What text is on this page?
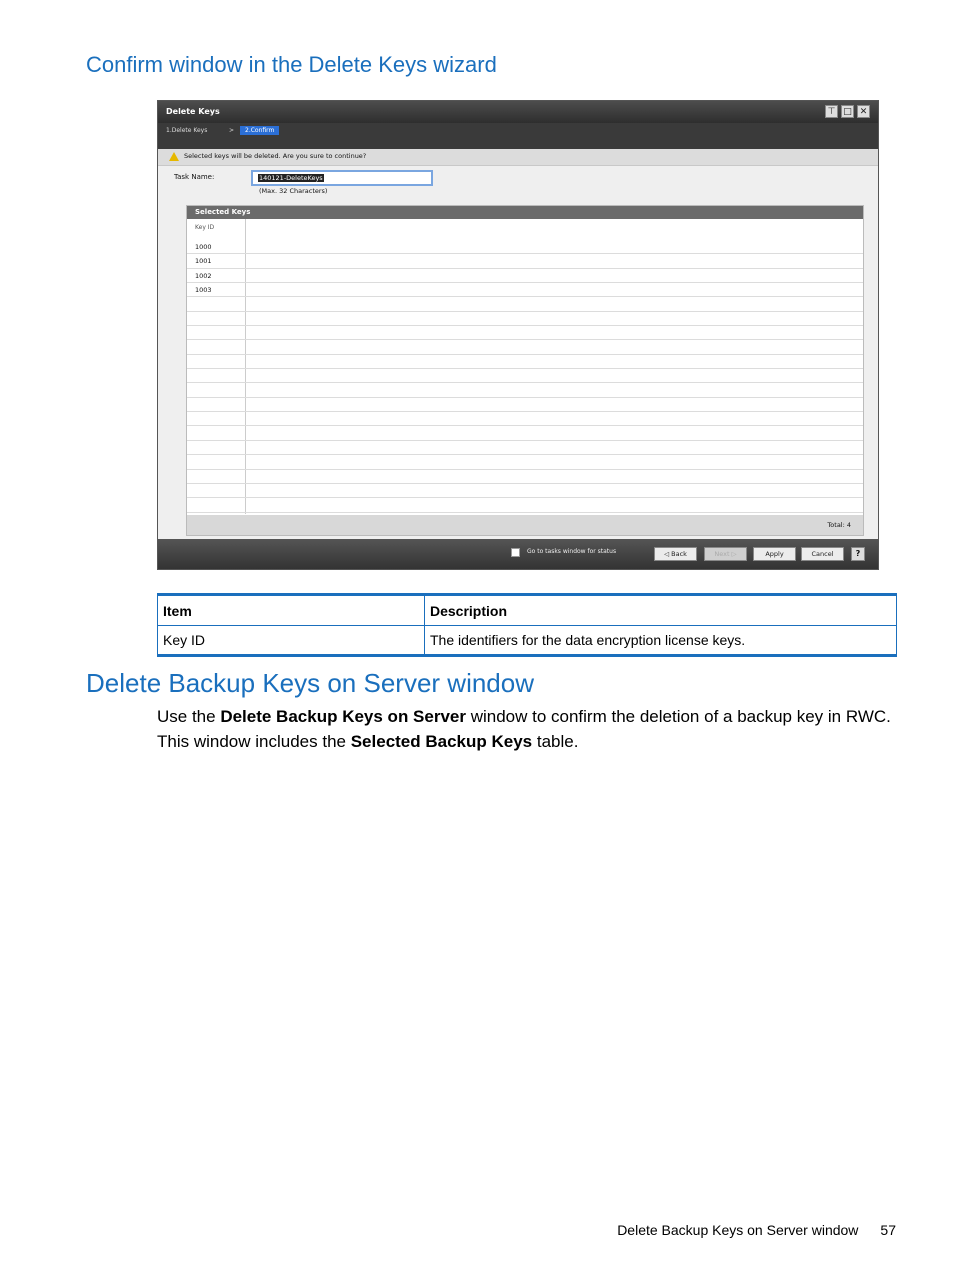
Confirm window in the Delete Keys wizard
Delete Keys	⊤ □ ✕
1.Delete Keys	>	2.Confirm
Selected keys will be deleted. Are you sure to continue?
Task Name:	140121-DeleteKeys
(Max. 32 Characters)
Selected Keys
Key ID
1000
1001
1002
1003
Total: 4
Go to tasks window for status	◁ Back	Next ▷	Apply	Cancel	?
Item	Description
Key ID	The identifiers for the data encryption license keys.
Delete Backup Keys on Server window

Use the Delete Backup Keys on Server window to confirm the deletion of a backup key in RWC. This window includes the Selected Backup Keys table.

Delete Backup Keys on Server window 57
